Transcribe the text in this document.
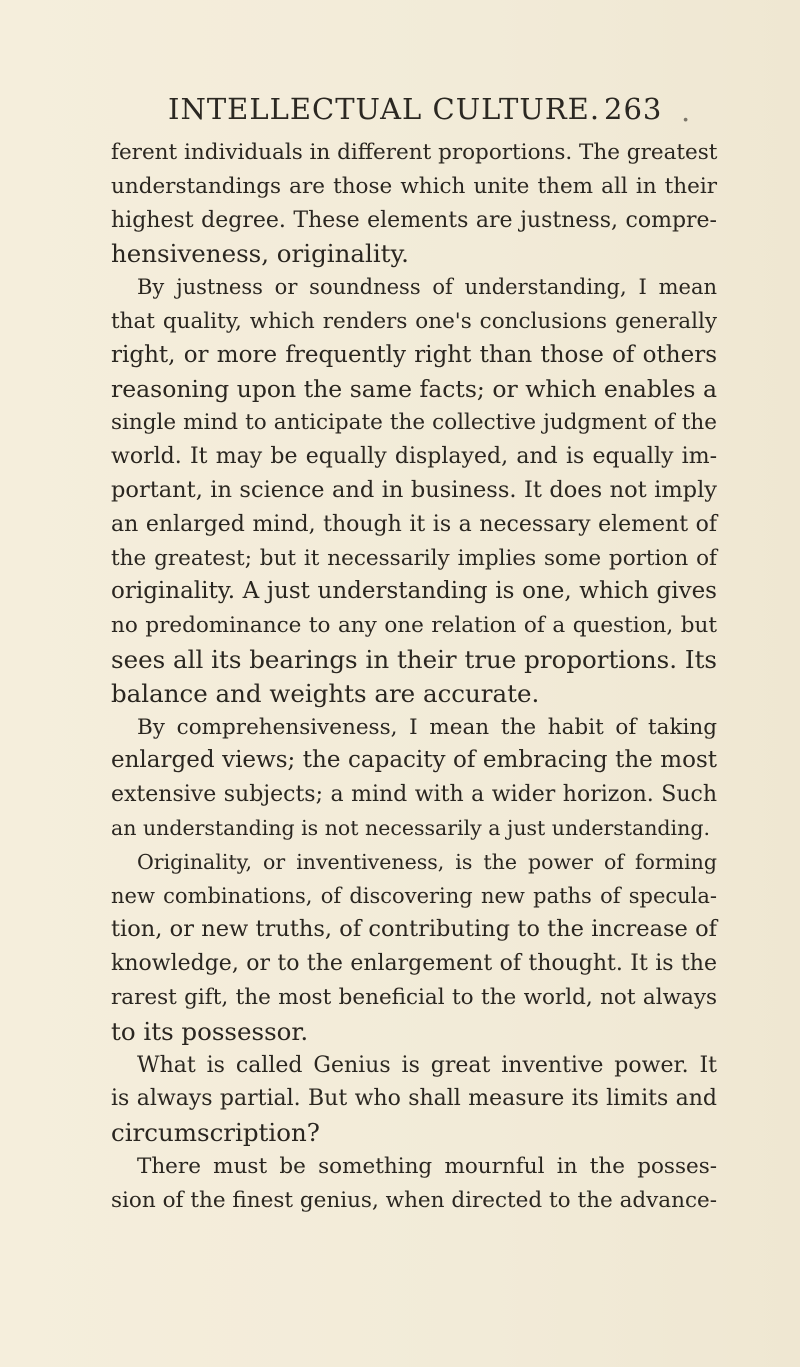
INTELLECTUAL CULTURE. 263 .
ferent individuals in different proportions. The greatest
understandings are those which unite them all in their
highest degree. These elements are justness, compre-
hensiveness, originality.
By justness or soundness of understanding, I mean
that quality, which renders one's conclusions generally
right, or more frequently right than those of others
reasoning upon the same facts; or which enables a
single mind to anticipate the collective judgment of the
world. It may be equally displayed, and is equally im-
portant, in science and in business. It does not imply
an enlarged mind, though it is a necessary element of
the greatest; but it necessarily implies some portion of
originality. A just understanding is one, which gives
no predominance to any one relation of a question, but
sees all its bearings in their true proportions. Its
balance and weights are accurate.
By comprehensiveness, I mean the habit of taking
enlarged views; the capacity of embracing the most
extensive subjects; a mind with a wider horizon. Such
an understanding is not necessarily a just understanding.
Originality, or inventiveness, is the power of forming
new combinations, of discovering new paths of specula-
tion, or new truths, of contributing to the increase of
knowledge, or to the enlargement of thought. It is the
rarest gift, the most beneficial to the world, not always
to its possessor.
What is called Genius is great inventive power. It
is always partial. But who shall measure its limits and
circumscription?
There must be something mournful in the posses-
sion of the finest genius, when directed to the advance-
